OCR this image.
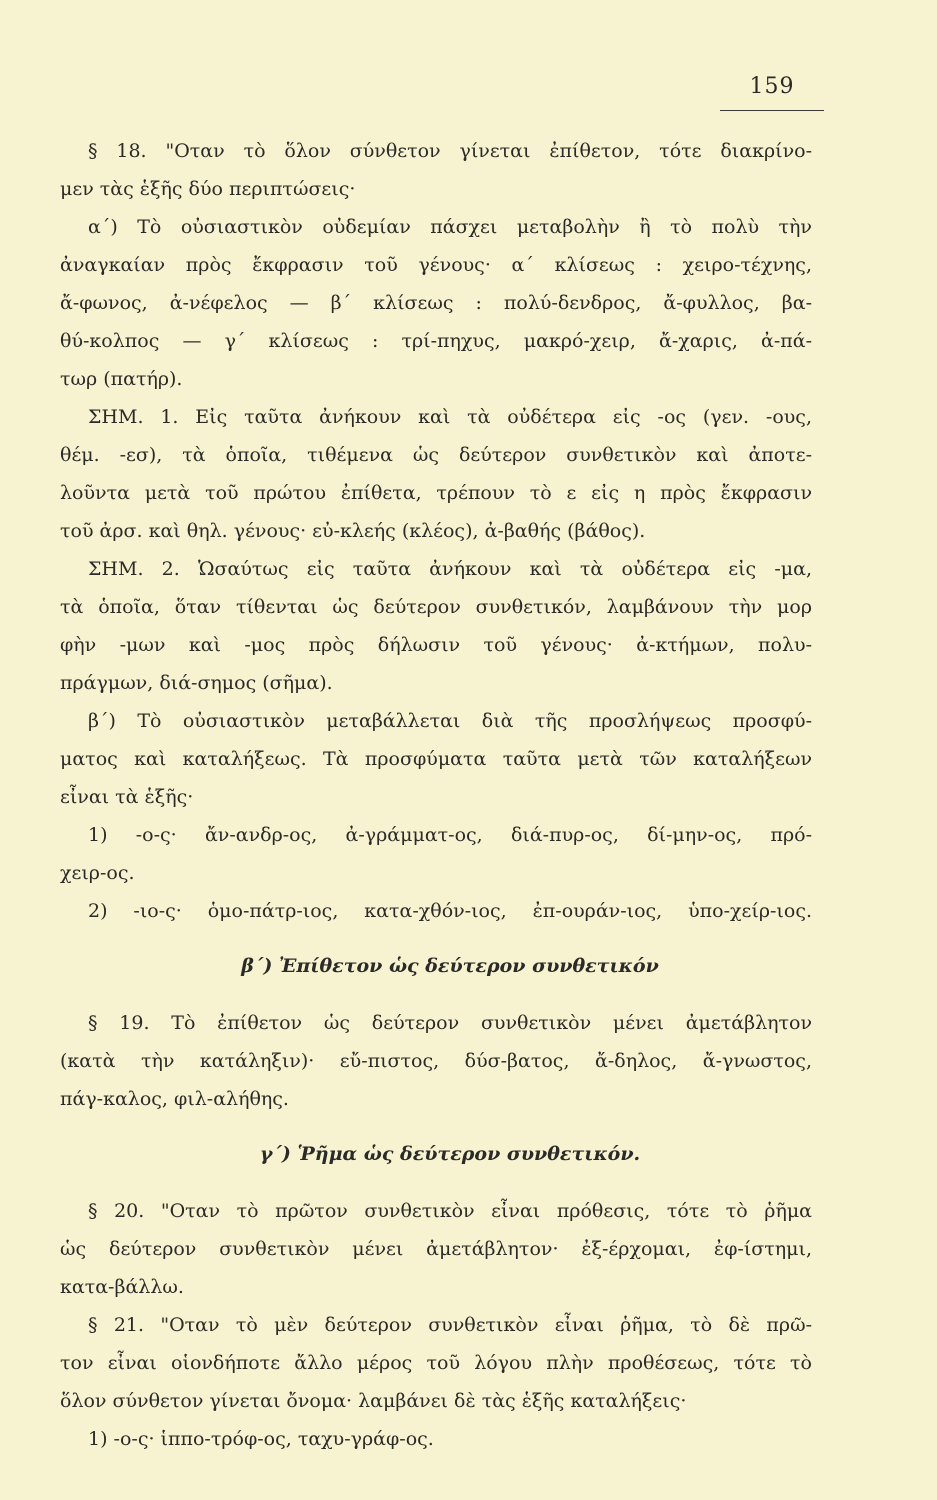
159
§ 18. "Οταν τὸ ὅλον σύνθετον γίνεται ἐπίθετον, τότε διακρίνο-
μεν τὰς ἑξῆς δύο περιπτώσεις·
α΄) Τὸ οὐσιαστικὸν οὐδεμίαν πάσχει μεταβολὴν ἢ τὸ πολὺ τὴν
ἀναγκαίαν πρὸς ἔκφρασιν τοῦ γένους· α΄ κλίσεως : χειρο-τέχνης,
ἄ-φωνος, ἀ-νέφελος — β΄ κλίσεως : πολύ-δενδρος, ἄ-φυλλος, βα-
θύ-κολπος — γ΄ κλίσεως : τρί-πηχυς, μακρό-χειρ, ἄ-χαρις, ἀ-πά-
τωρ (πατήρ).
ΣΗΜ. 1. Εἰς ταῦτα ἀνήκουν καὶ τὰ οὐδέτερα εἰς -ος (γεν. -ους,
θέμ. -εσ), τὰ ὁποῖα, τιθέμενα ὡς δεύτερον συνθετικὸν καὶ ἀποτε-
λοῦντα μετὰ τοῦ πρώτου ἐπίθετα, τρέπουν τὸ ε εἰς η πρὸς ἔκφρασιν
τοῦ ἀρσ. καὶ θηλ. γένους· εὐ-κλεής (κλέος), ἀ-βαθής (βάθος).
ΣΗΜ. 2. Ὡσαύτως εἰς ταῦτα ἀνήκουν καὶ τὰ οὐδέτερα εἰς -μα,
τὰ ὁποῖα, ὅταν τίθενται ὡς δεύτερον συνθετικόν, λαμβάνουν τὴν μορ
φὴν -μων καὶ -μος πρὸς δήλωσιν τοῦ γένους· ἀ-κτήμων, πολυ-
πράγμων, διά-σημος (σῆμα).
β΄) Τὸ οὐσιαστικὸν μεταβάλλεται διὰ τῆς προσλήψεως προσφύ-
ματος καὶ καταλήξεως. Τὰ προσφύματα ταῦτα μετὰ τῶν καταλήξεων
εἶναι τὰ ἑξῆς·
1) -ο-ς· ἄν-ανδρ-ος, ἀ-γράμματ-ος, διά-πυρ-ος, δί-μην-ος, πρό-
χειρ-ος.
2) -ιο-ς· ὁμο-πάτρ-ιος, κατα-χθόν-ιος, ἐπ-ουράν-ιος, ὑπο-χείρ-ιος.
β΄) Ἐπίθετον ὡς δεύτερον συνθετικόν
§ 19. Τὸ ἐπίθετον ὡς δεύτερον συνθετικὸν μένει ἀμετάβλητον
(κατὰ τὴν κατάληξιν)· εὔ-πιστος, δύσ-βατος, ἄ-δηλος, ἄ-γνωστος,
πάγ-καλος, φιλ-αλήθης.
γ΄) Ῥῆμα ὡς δεύτερον συνθετικόν.
§ 20. "Οταν τὸ πρῶτον συνθετικὸν εἶναι πρόθεσις, τότε τὸ ῥῆμα
ὡς δεύτερον συνθετικὸν μένει ἀμετάβλητον· ἐξ-έρχομαι, ἐφ-ίστημι,
κατα-βάλλω.
§ 21. "Οταν τὸ μὲν δεύτερον συνθετικὸν εἶναι ῥῆμα, τὸ δὲ πρῶ-
τον εἶναι οἱονδήποτε ἄλλο μέρος τοῦ λόγου πλὴν προθέσεως, τότε τὸ
ὅλον σύνθετον γίνεται ὄνομα· λαμβάνει δὲ τὰς ἑξῆς καταλήξεις·
1) -ο-ς· ἱππο-τρόφ-ος, ταχυ-γράφ-ος.
